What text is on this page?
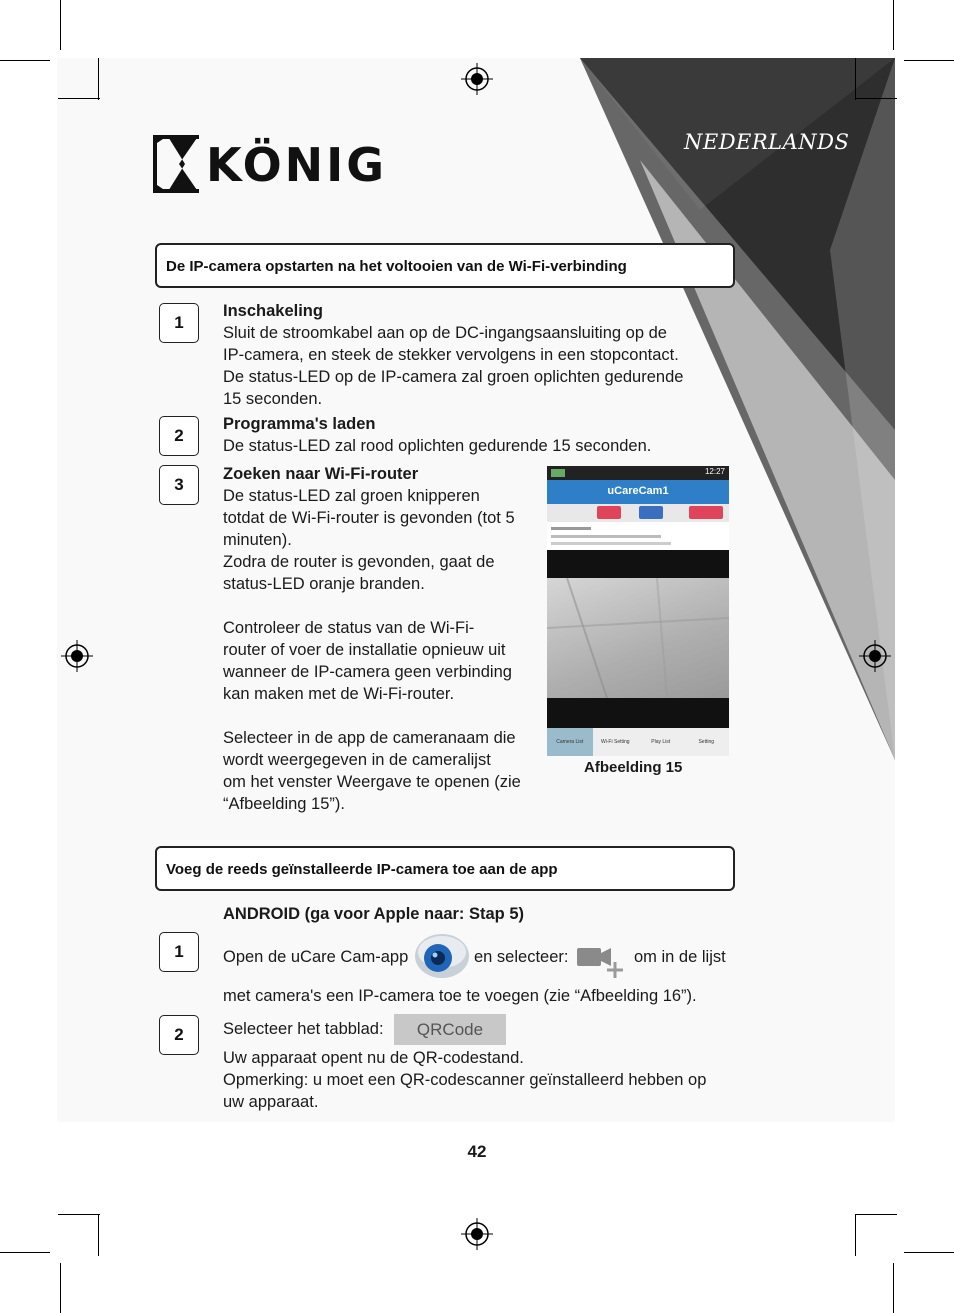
NEDERLANDS
KÖNIG
De IP-camera opstarten na het voltooien van de Wi-Fi-verbinding
1
Inschakeling
Sluit de stroomkabel aan op de DC-ingangsaansluiting op de
IP-camera, en steek de stekker vervolgens in een stopcontact.
De status-LED op de IP-camera zal groen oplichten gedurende
15 seconden.
2
Programma's laden
De status-LED zal rood oplichten gedurende 15 seconden.
3
Zoeken naar Wi-Fi-router
De status-LED zal groen knipperen
totdat de Wi-Fi-router is gevonden (tot 5
minuten).
Zodra de router is gevonden, gaat de
status-LED oranje branden.
Controleer de status van de Wi-Fi-
router of voer de installatie opnieuw uit
wanneer de IP-camera geen verbinding
kan maken met de Wi-Fi-router.
Selecteer in de app de cameranaam die
wordt weergegeven in de cameralijst
om het venster Weergave te openen (zie
“Afbeelding 15”).
12:27
uCareCam1
Camera List	Wi-Fi Setting	Play List	Setting
Afbeelding 15
Voeg de reeds geïnstalleerde IP-camera toe aan de app
ANDROID (ga voor Apple naar: Stap 5)
1	Open de uCare Cam-app	en selecteer:	om in de lijst
met camera's een IP-camera toe te voegen (zie “Afbeelding 16”).
2	Selecteer het tabblad:	QRCode
Uw apparaat opent nu de QR-codestand.
Opmerking: u moet een QR-codescanner geïnstalleerd hebben op
uw apparaat.
42
